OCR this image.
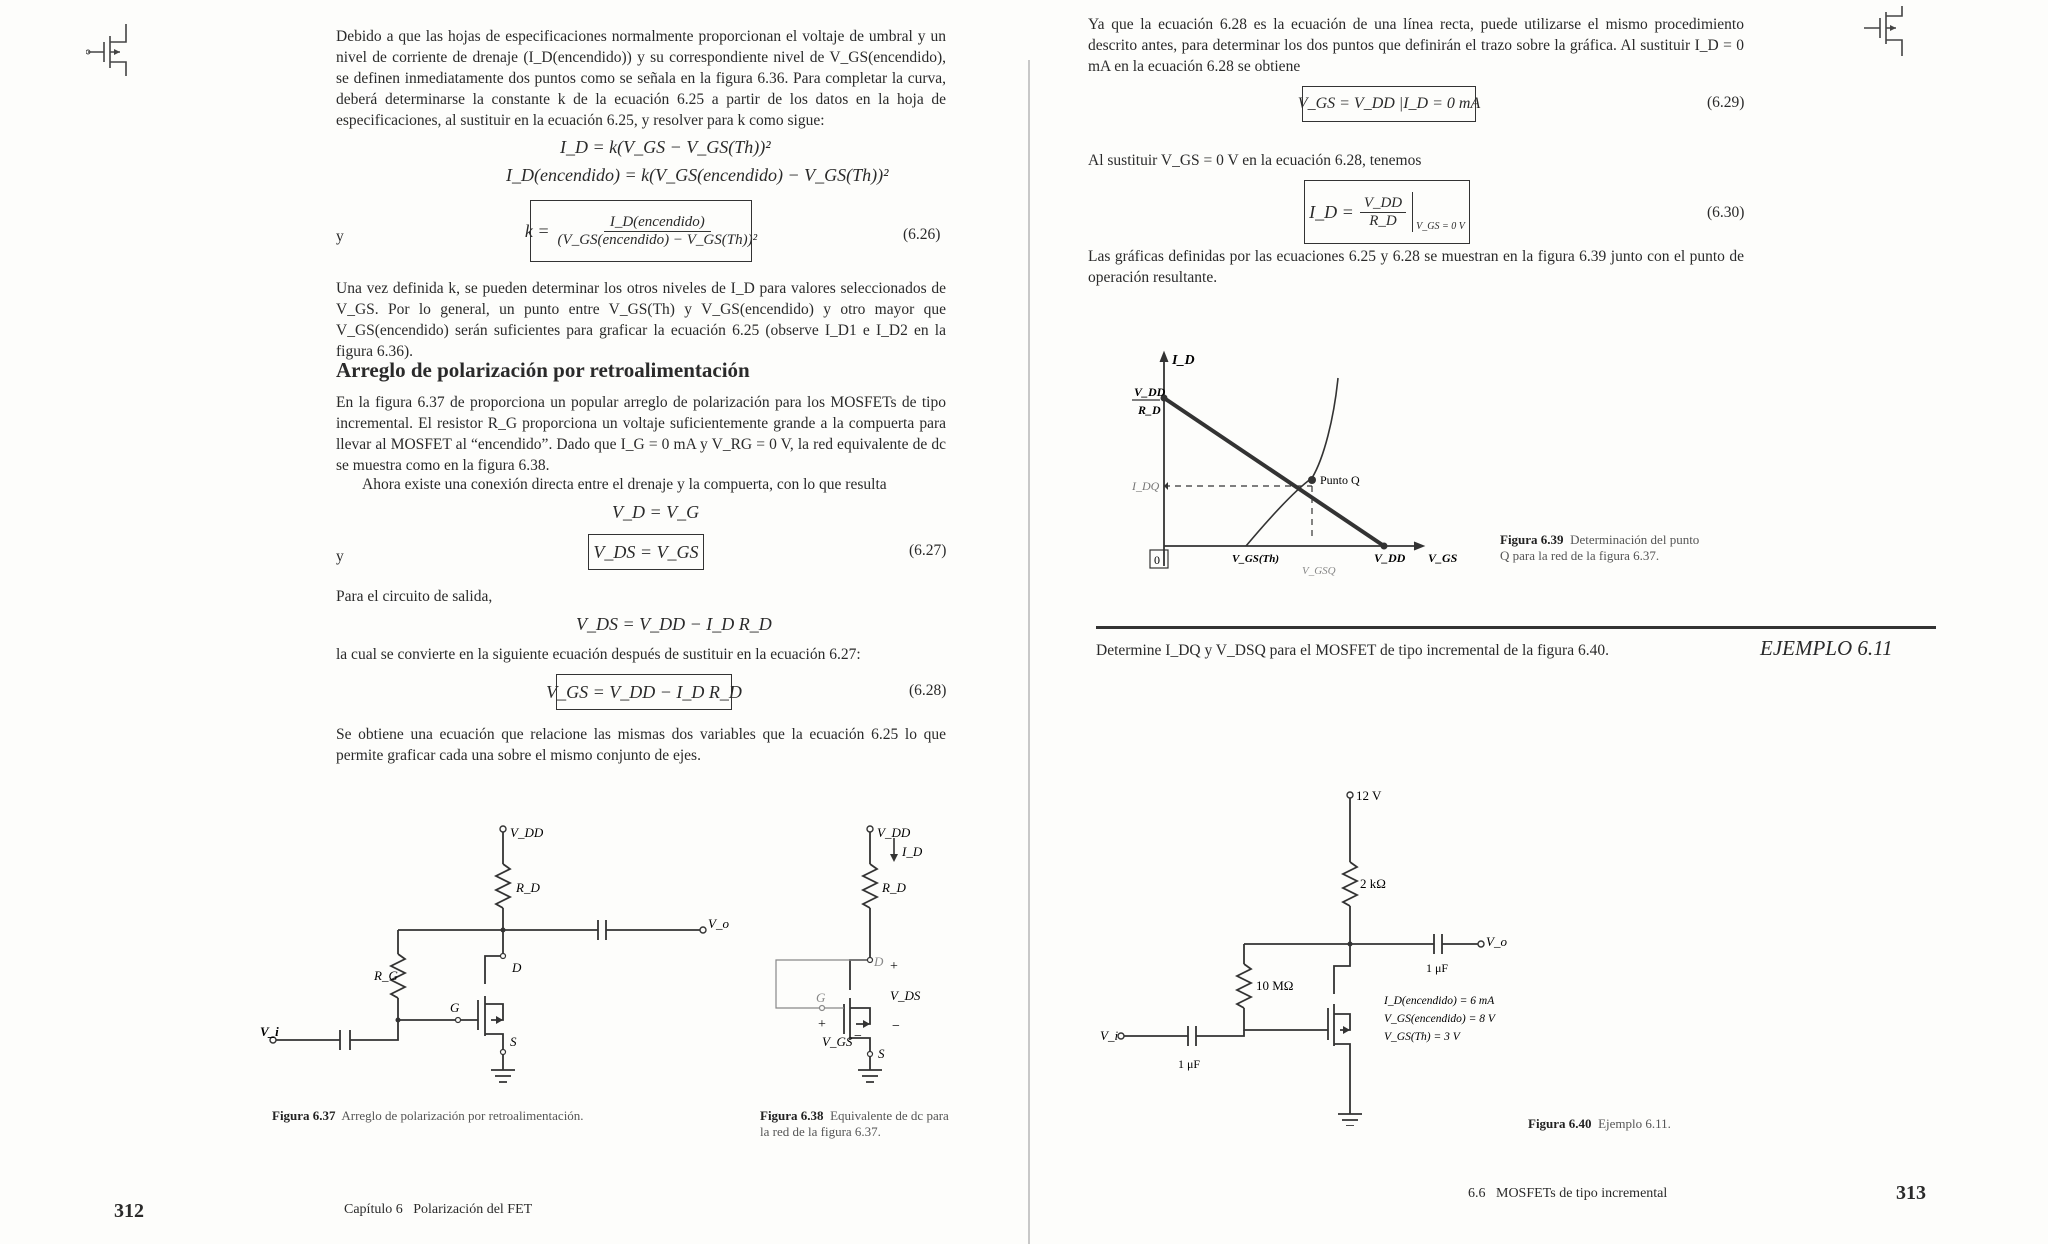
Debido a que las hojas de especificaciones normalmente proporcionan el voltaje de umbral y un nivel de corriente de drenaje (I_D(encendido)) y su correspondiente nivel de V_GS(encendido), se definen inmediatamente dos puntos como se señala en la figura 6.36. Para completar la curva, deberá determinarse la constante k de la ecuación 6.25 a partir de los datos en la hoja de especificaciones, al sustituir en la ecuación 6.25, y resolver para k como sigue:

I_D = k(V_GS − V_GS(Th))²
I_D(encendido) = k(V_GS(encendido) − V_GS(Th))²
y	k =	I_D(encendido)
(V_GS(encendido) − V_GS(Th))²	(6.26)

Una vez definida k, se pueden determinar los otros niveles de I_D para valores seleccionados de V_GS. Por lo general, un punto entre V_GS(Th) y V_GS(encendido) y otro mayor que V_GS(encendido) serán suficientes para graficar la ecuación 6.25 (observe I_D1 e I_D2 en la figura 6.36).

Arreglo de polarización por retroalimentación

En la figura 6.37 de proporciona un popular arreglo de polarización para los MOSFETs de tipo incremental. El resistor R_G proporciona un voltaje suficientemente grande a la compuerta para llevar al MOSFET al “encendido”. Dado que I_G = 0 mA y V_RG = 0 V, la red equivalente de dc se muestra como en la figura 6.38.

Ahora existe una conexión directa entre el drenaje y la compuerta, con lo que resulta

V_D = V_G
y	V_DS = V_GS	(6.27)

Para el circuito de salida,

V_DS = V_DD − I_D R_D

la cual se convierte en la siguiente ecuación después de sustituir en la ecuación 6.27:

V_GS = V_DD − I_D R_D	(6.28)

Se obtiene una ecuación que relacione las mismas dos variables que la ecuación 6.25 lo que permite graficar cada una sobre el mismo conjunto de ejes.

V_DD
R_D
R_G
D
G
S
V_i
V_o
V_DD
I_D
R_D
D
G
S
+
V_DS
−
+
V_GS −
Figura 6.37 Arreglo de polarización por retroalimentación.	Figura 6.38 Equivalente de dc para la red de la figura 6.37.
312	Capítulo 6   Polarización del FET

Ya que la ecuación 6.28 es la ecuación de una línea recta, puede utilizarse el mismo procedimiento descrito antes, para determinar los dos puntos que definirán el trazo sobre la gráfica. Al sustituir I_D = 0 mA en la ecuación 6.28 se obtiene

V_GS = V_DD |I_D = 0 mA	(6.29)

Al sustituir V_GS = 0 V en la ecuación 6.28, tenemos

I_D = $\frac{V\_DD}{R\_D}$	V_GS = 0 V
(6.30)

Las gráficas definidas por las ecuaciones 6.25 y 6.28 se muestran en la figura 6.39 junto con el punto de operación resultante.

I_D
V_DD
R_D
I_DQ	Punto Q
0	V_GS(Th)
V_GSQ
V_DD V_GS
Figura 6.39 Determinación del punto Q para la red de la figura 6.37.

Determine I_DQ y V_DSQ para el MOSFET de tipo incremental de la figura 6.40.	EJEMPLO 6.11
12 V
2 kΩ
10 MΩ
1 μF
V_o
V_i
1 μF
I_D(encendido) = 6 mA
V_GS(encendido) = 8 V
V_GS(Th) = 3 V
Figura 6.40 Ejemplo 6.11.
6.6   MOSFETs de tipo incremental	313
